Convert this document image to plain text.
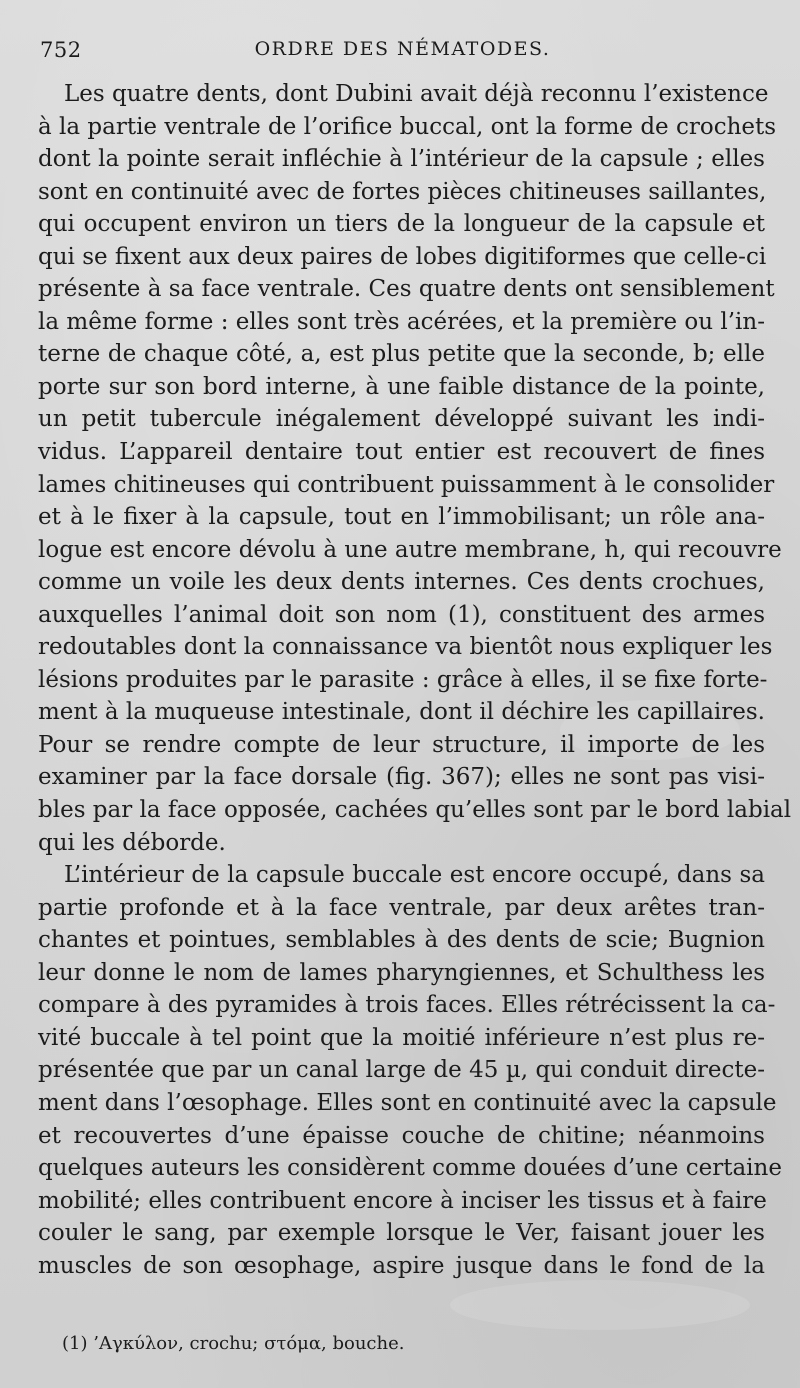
752	ORDRE DES NÉMATODES.
Les quatre dents, dont Dubini avait déjà reconnu l’existence
à la partie ventrale de l’orifice buccal, ont la forme de crochets
dont la pointe serait infléchie à l’intérieur de la capsule ; elles
sont en continuité avec de fortes pièces chitineuses saillantes,
qui occupent environ un tiers de la longueur de la capsule et
qui se fixent aux deux paires de lobes digitiformes que celle-ci
présente à sa face ventrale. Ces quatre dents ont sensiblement
la même forme : elles sont très acérées, et la première ou l’in-
terne de chaque côté, a, est plus petite que la seconde, b; elle
porte sur son bord interne, à une faible distance de la pointe,
un petit tubercule inégalement développé suivant les indi-
vidus. L’appareil dentaire tout entier est recouvert de fines
lames chitineuses qui contribuent puissamment à le consolider
et à le fixer à la capsule, tout en l’immobilisant; un rôle ana-
logue est encore dévolu à une autre membrane, h, qui recouvre
comme un voile les deux dents internes. Ces dents crochues,
auxquelles l’animal doit son nom (1), constituent des armes
redoutables dont la connaissance va bientôt nous expliquer les
lésions produites par le parasite : grâce à elles, il se fixe forte-
ment à la muqueuse intestinale, dont il déchire les capillaires.
Pour se rendre compte de leur structure, il importe de les
examiner par la face dorsale (fig. 367); elles ne sont pas visi-
bles par la face opposée, cachées qu’elles sont par le bord labial
qui les déborde.
L’intérieur de la capsule buccale est encore occupé, dans sa
partie profonde et à la face ventrale, par deux arêtes tran-
chantes et pointues, semblables à des dents de scie; Bugnion
leur donne le nom de lames pharyngiennes, et Schulthess les
compare à des pyramides à trois faces. Elles rétrécissent la ca-
vité buccale à tel point que la moitié inférieure n’est plus re-
présentée que par un canal large de 45 µ, qui conduit directe-
ment dans l’œsophage. Elles sont en continuité avec la capsule
et recouvertes d’une épaisse couche de chitine; néanmoins
quelques auteurs les considèrent comme douées d’une certaine
mobilité; elles contribuent encore à inciser les tissus et à faire
couler le sang, par exemple lorsque le Ver, faisant jouer les
muscles de son œsophage, aspire jusque dans le fond de la
(1) ’Αγκύλον, crochu; στόμα, bouche.
